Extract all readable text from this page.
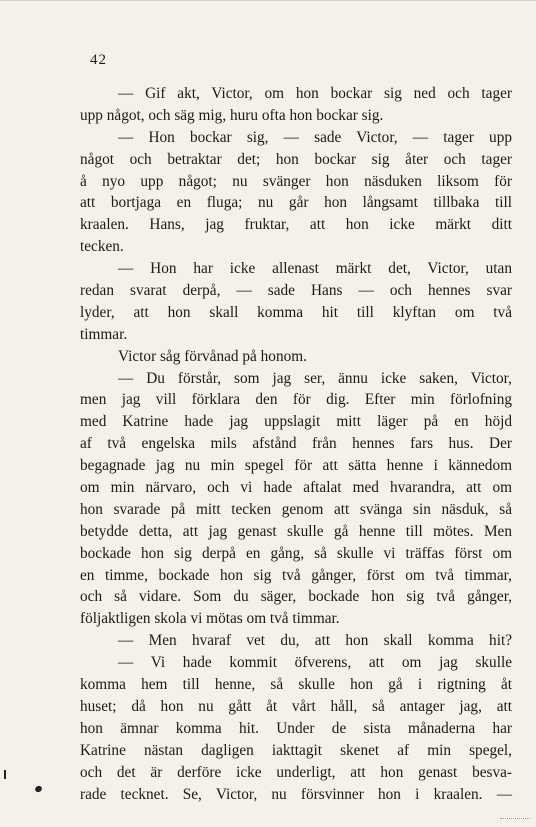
42
— Gif akt, Victor, om hon bockar sig ned och tager
upp något, och säg mig, huru ofta hon bockar sig.
— Hon bockar sig, — sade Victor, — tager upp
något och betraktar det; hon bockar sig åter och tager
å nyo upp något; nu svänger hon näsduken liksom för
att bortjaga en fluga; nu går hon långsamt tillbaka till
kraalen. Hans, jag fruktar, att hon icke märkt ditt
tecken.
— Hon har icke allenast märkt det, Victor, utan
redan svarat derpå, — sade Hans — och hennes svar
lyder, att hon skall komma hit till klyftan om två
timmar.
Victor såg förvånad på honom.
— Du förstår, som jag ser, ännu icke saken, Victor,
men jag vill förklara den för dig. Efter min förlofning
med Katrine hade jag uppslagit mitt läger på en höjd
af två engelska mils afstånd från hennes fars hus. Der
begagnade jag nu min spegel för att sätta henne i kännedom
om min närvaro, och vi hade aftalat med hvarandra, att om
hon svarade på mitt tecken genom att svänga sin näsduk, så
betydde detta, att jag genast skulle gå henne till mötes. Men
bockade hon sig derpå en gång, så skulle vi träffas först om
en timme, bockade hon sig två gånger, först om två timmar,
och så vidare. Som du säger, bockade hon sig två gånger,
följaktligen skola vi mötas om två timmar.
— Men hvaraf vet du, att hon skall komma hit?
— Vi hade kommit öfverens, att om jag skulle
komma hem till henne, så skulle hon gå i rigtning åt
huset; då hon nu gått åt vårt håll, så antager jag, att
hon ämnar komma hit. Under de sista månaderna har
Katrine nästan dagligen iakttagit skenet af min spegel,
och det är derföre icke underligt, att hon genast besva-
rade tecknet. Se, Victor, nu försvinner hon i kraalen. —
